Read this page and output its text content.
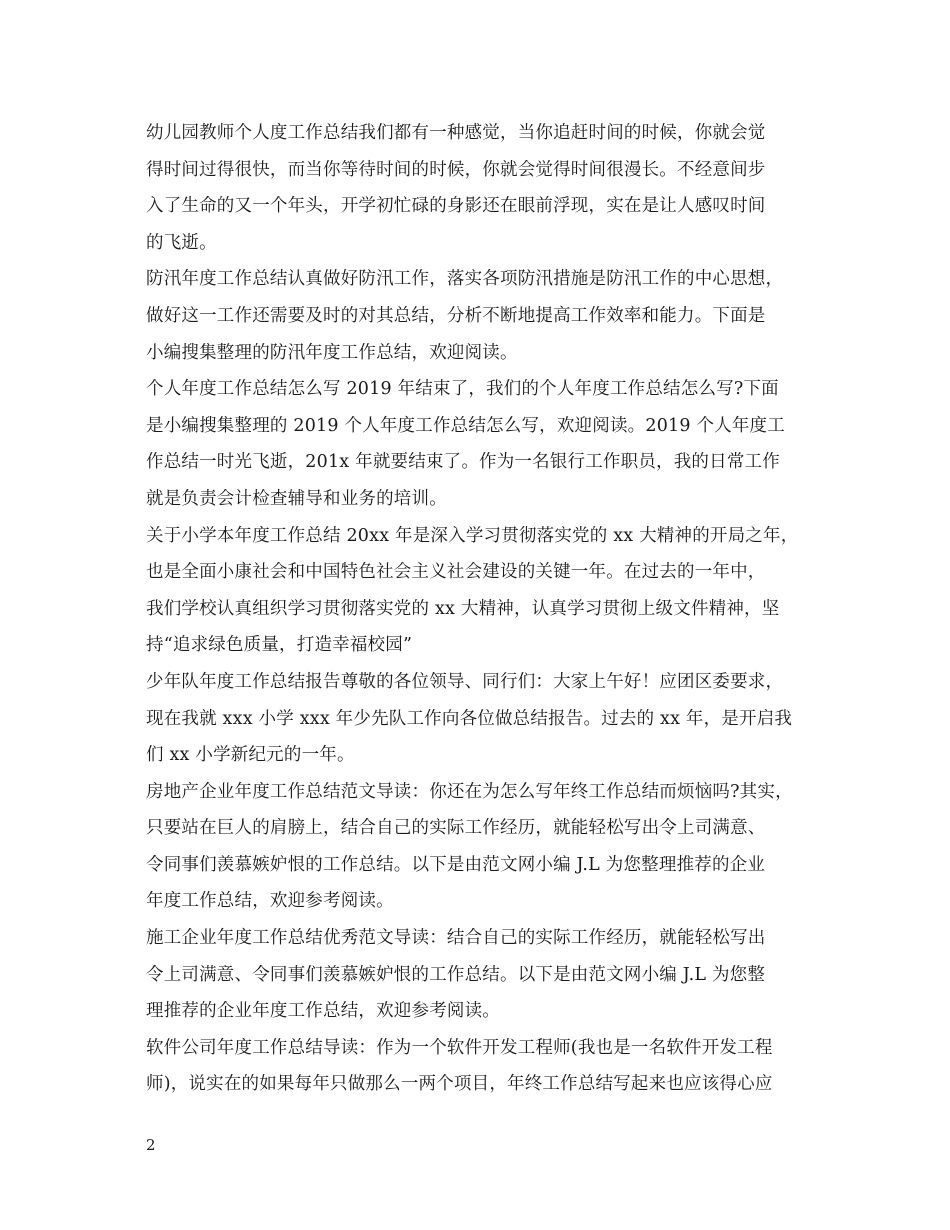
幼儿园教师个人度工作总结我们都有一种感觉，当你追赶时间的时候，你就会觉
得时间过得很快，而当你等待时间的时候，你就会觉得时间很漫长。不经意间步
入了生命的又一个年头，开学初忙碌的身影还在眼前浮现，实在是让人感叹时间
的飞逝。
防汛年度工作总结认真做好防汛工作，落实各项防汛措施是防汛工作的中心思想，
做好这一工作还需要及时的对其总结，分析不断地提高工作效率和能力。下面是
小编搜集整理的防汛年度工作总结，欢迎阅读。
个人年度工作总结怎么写 2019 年结束了，我们的个人年度工作总结怎么写?下面
是小编搜集整理的 2019 个人年度工作总结怎么写，欢迎阅读。2019 个人年度工
作总结一时光飞逝，201x 年就要结束了。作为一名银行工作职员，我的日常工作
就是负责会计检查辅导和业务的培训。
关于小学本年度工作总结 20xx 年是深入学习贯彻落实党的 xx 大精神的开局之年，
也是全面小康社会和中国特色社会主义社会建设的关键一年。在过去的一年中，
我们学校认真组织学习贯彻落实党的 xx 大精神，认真学习贯彻上级文件精神，坚
持“追求绿色质量，打造幸福校园”
少年队年度工作总结报告尊敬的各位领导、同行们：大家上午好！应团区委要求，
现在我就 xxx 小学 xxx 年少先队工作向各位做总结报告。过去的 xx 年，是开启我
们 xx 小学新纪元的一年。
房地产企业年度工作总结范文导读：你还在为怎么写年终工作总结而烦恼吗?其实，
只要站在巨人的肩膀上，结合自己的实际工作经历，就能轻松写出令上司满意、
令同事们羡慕嫉妒恨的工作总结。以下是由范文网小编 J.L 为您整理推荐的企业
年度工作总结，欢迎参考阅读。
施工企业年度工作总结优秀范文导读：结合自己的实际工作经历，就能轻松写出
令上司满意、令同事们羡慕嫉妒恨的工作总结。以下是由范文网小编 J.L 为您整
理推荐的企业年度工作总结，欢迎参考阅读。
软件公司年度工作总结导读：作为一个软件开发工程师(我也是一名软件开发工程
师)，说实在的如果每年只做那么一两个项目，年终工作总结写起来也应该得心应
2
